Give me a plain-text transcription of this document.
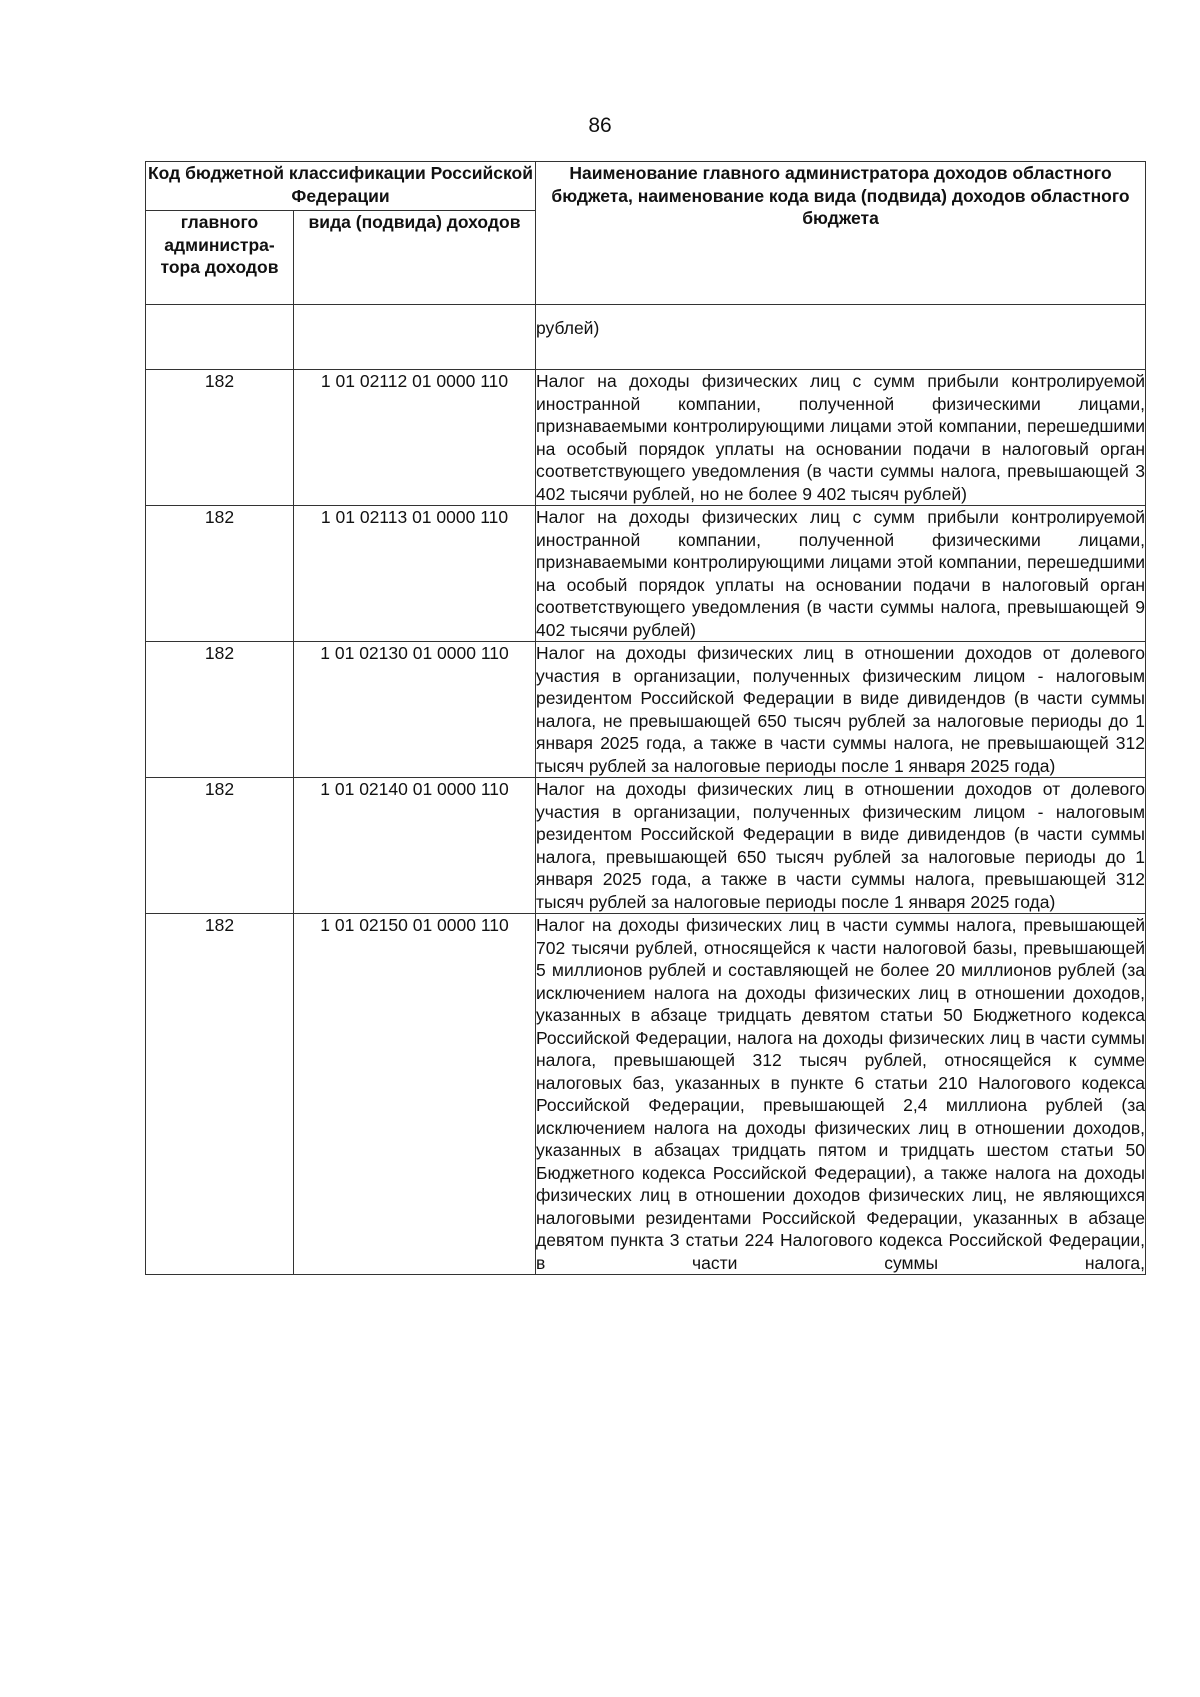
86
Код бюджетной классификации Российской Федерации		Наименование главного администратора доходов областного бюджета, наименование кода вида (подвида) доходов областного бюджета
главного администра-тора доходов	вида (подвида) доходов	
		рублей)
182	1 01 02112 01 0000 110	Налог на доходы физических лиц с сумм прибыли контролируемой иностранной компании, полученной физическими лицами, признаваемыми контролирующими лицами этой компании, перешедшими на особый порядок уплаты на основании подачи в налоговый орган соответствующего уведомления (в части суммы налога, превышающей 3 402 тысячи рублей, но не более 9 402 тысяч рублей)
182	1 01 02113 01 0000 110	Налог на доходы физических лиц с сумм прибыли контролируемой иностранной компании, полученной физическими лицами, признаваемыми контролирующими лицами этой компании, перешедшими на особый порядок уплаты на основании подачи в налоговый орган соответствующего уведомления (в части суммы налога, превышающей 9 402 тысячи рублей)
182	1 01 02130 01 0000 110	Налог на доходы физических лиц в отношении доходов от долевого участия в организации, полученных физическим лицом - налоговым резидентом Российской Федерации в виде дивидендов (в части суммы налога, не превышающей 650 тысяч рублей за налоговые периоды до 1 января 2025 года, а также в части суммы налога, не превышающей 312 тысяч рублей за налоговые периоды после 1 января 2025 года)
182	1 01 02140 01 0000 110	Налог на доходы физических лиц в отношении доходов от долевого участия в организации, полученных физическим лицом - налоговым резидентом Российской Федерации в виде дивидендов (в части суммы налога, превышающей 650 тысяч рублей за налоговые периоды до 1 января 2025 года, а также в части суммы налога, превышающей 312 тысяч рублей за налоговые периоды после 1 января 2025 года)
182	1 01 02150 01 0000 110	Налог на доходы физических лиц в части суммы налога, превышающей 702 тысячи рублей, относящейся к части налоговой базы, превышающей 5 миллионов рублей и составляющей не более 20 миллионов рублей (за исключением налога на доходы физических лиц в отношении доходов, указанных в абзаце тридцать девятом статьи 50 Бюджетного кодекса Российской Федерации, налога на доходы физических лиц в части суммы налога, превышающей 312 тысяч рублей, относящейся к сумме налоговых баз, указанных в пункте 6 статьи 210 Налогового кодекса Российской Федерации, превышающей 2,4 миллиона рублей (за исключением налога на доходы физических лиц в отношении доходов, указанных в абзацах тридцать пятом и тридцать шестом статьи 50 Бюджетного кодекса Российской Федерации), а также налога на доходы физических лиц в отношении доходов физических лиц, не являющихся налоговыми резидентами Российской Федерации, указанных в абзаце девятом пункта 3 статьи 224 Налогового кодекса Российской Федерации, в части суммы налога,
